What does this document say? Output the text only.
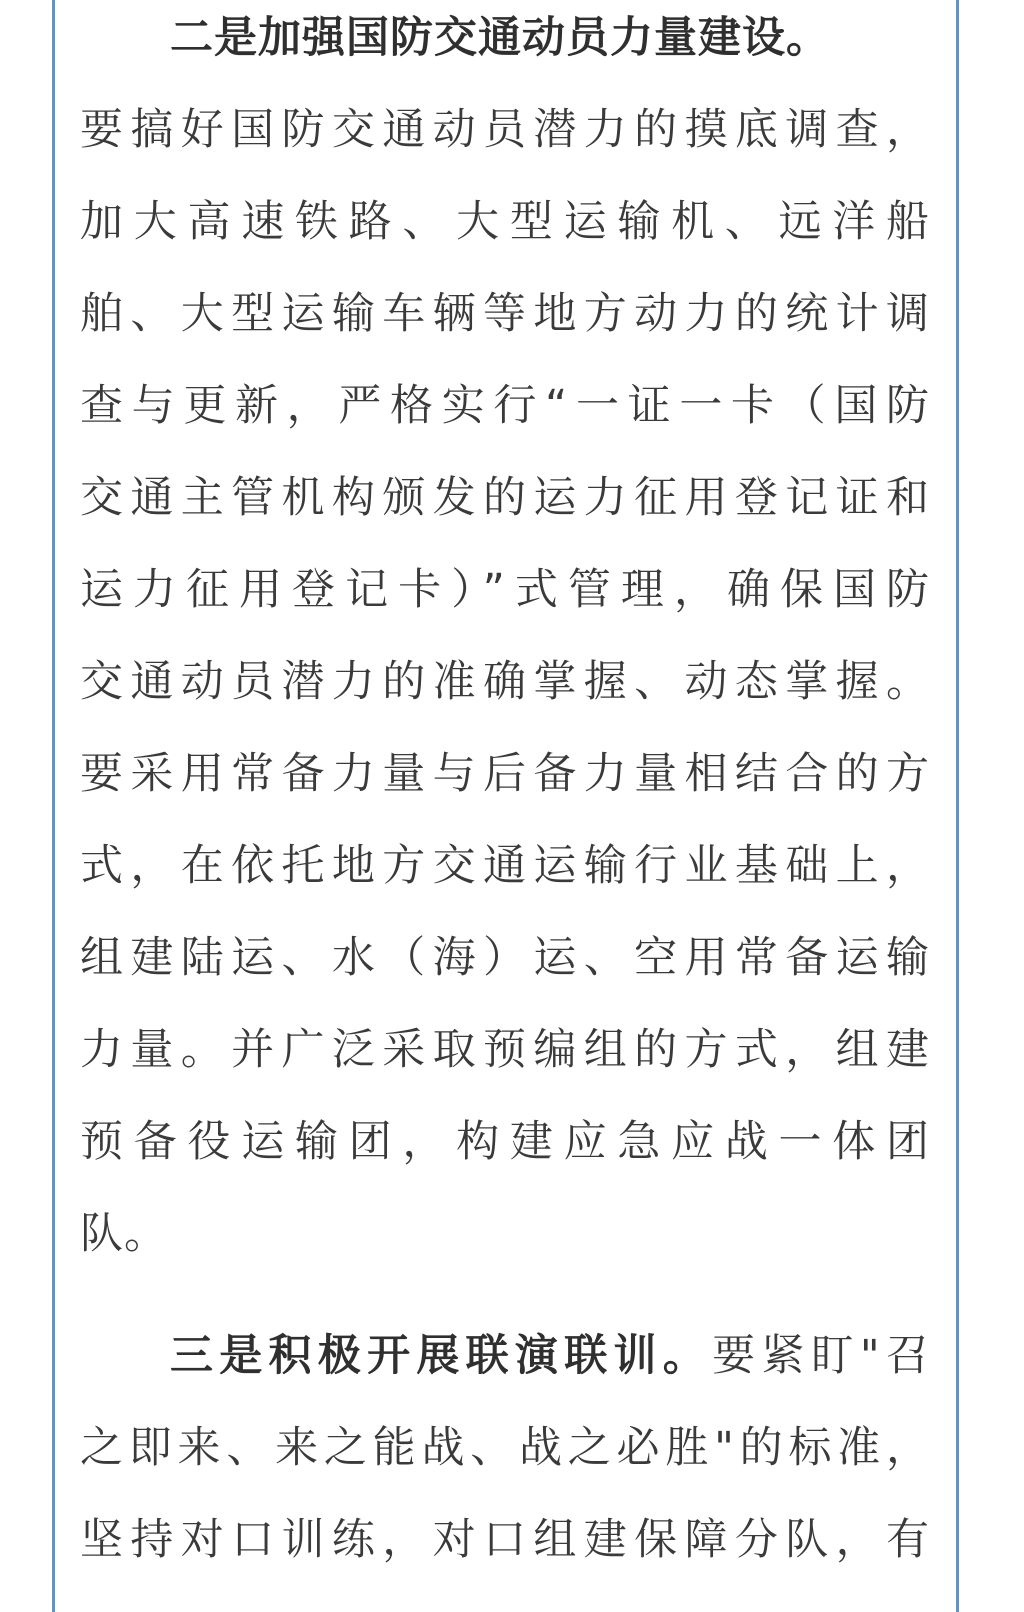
二是加强国防交通动员力量建设。
要搞好国防交通动员潜力的摸底调查，
加大高速铁路、大型运输机、远洋船
舶、大型运输车辆等地方动力的统计调
查与更新，严格实行“一证一卡（国防
交通主管机构颁发的运力征用登记证和
运力征用登记卡）”式管理，确保国防
交通动员潜力的准确掌握、动态掌握。
要采用常备力量与后备力量相结合的方
式，在依托地方交通运输行业基础上，
组建陆运、水（海）运、空用常备运输
力量。并广泛采取预编组的方式，组建
预备役运输团，构建应急应战一体团
队。
三是积极开展联演联训。要紧盯"召
之即来、来之能战、战之必胜"的标准，
坚持对口训练，对口组建保障分队，有
